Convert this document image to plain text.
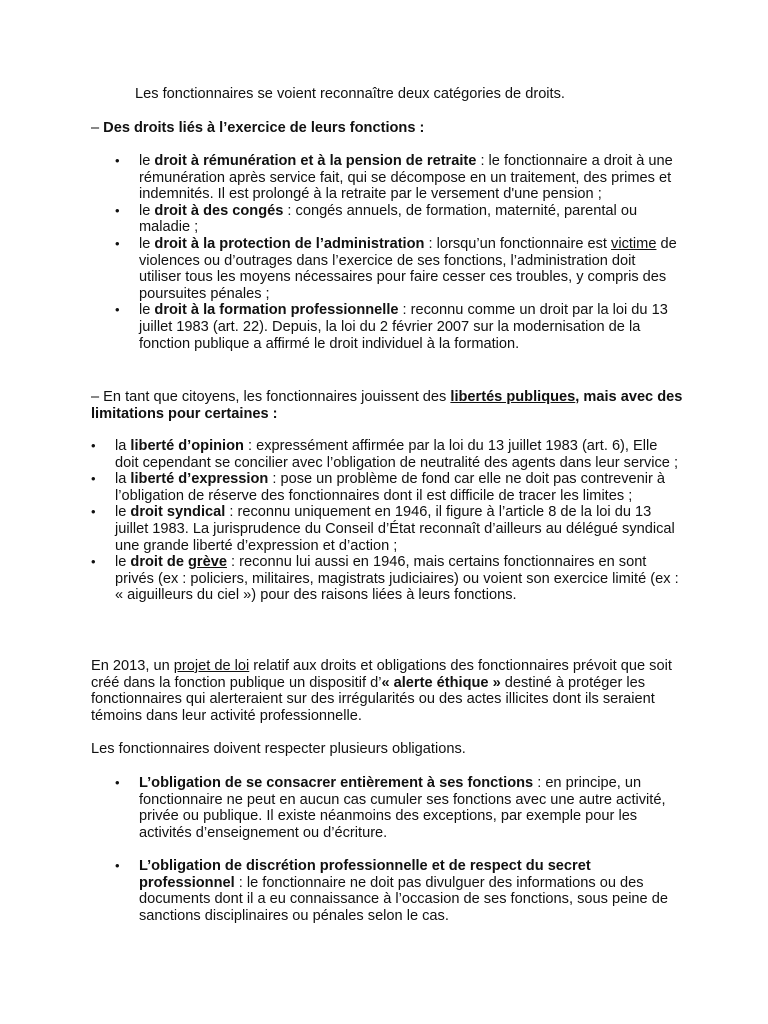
Les fonctionnaires se voient reconnaître deux catégories de droits.

– Des droits liés à l’exercice de leurs fonctions :

•	le droit à rémunération et à la pension de retraite : le fonctionnaire a droit à une rémunération après service fait, qui se décompose en un traitement, des primes et indemnités. Il est prolongé à la retraite par le versement d'une pension ;
•	le droit à des congés : congés annuels, de formation, maternité, parental ou maladie ;
•	le droit à la protection de l’administration : lorsqu’un fonctionnaire est victime de violences ou d’outrages dans l’exercice de ses fonctions, l’administration doit utiliser tous les moyens nécessaires pour faire cesser ces troubles, y compris des poursuites pénales ;
•	le droit à la formation professionnelle : reconnu comme un droit par la loi du 13 juillet 1983 (art. 22). Depuis, la loi du 2 février 2007 sur la modernisation de la fonction publique a affirmé le droit individuel à la formation.

– En tant que citoyens, les fonctionnaires jouissent des libertés publiques, mais avec des limitations pour certaines :

•	la liberté d’opinion : expressément affirmée par la loi du 13 juillet 1983 (art. 6), Elle doit cependant se concilier avec l’obligation de neutralité des agents dans leur service ;
•	la liberté d’expression : pose un problème de fond car elle ne doit pas contrevenir à l’obligation de réserve des fonctionnaires dont il est difficile de tracer les limites ;
•	le droit syndical : reconnu uniquement en 1946, il figure à l’article 8 de la loi du 13 juillet 1983. La jurisprudence du Conseil d’État reconnaît d’ailleurs au délégué syndical une grande liberté d’expression et d’action ;
•	le droit de grève : reconnu lui aussi en 1946, mais certains fonctionnaires en sont privés (ex : policiers, militaires, magistrats judiciaires) ou voient son exercice limité (ex : « aiguilleurs du ciel ») pour des raisons liées à leurs fonctions.

En 2013, un projet de loi relatif aux droits et obligations des fonctionnaires prévoit que soit créé dans la fonction publique un dispositif d’« alerte éthique » destiné à protéger les fonctionnaires qui alerteraient sur des irrégularités ou des actes illicites dont ils seraient témoins dans leur activité professionnelle.

Les fonctionnaires doivent respecter plusieurs obligations.

•	L’obligation de se consacrer entièrement à ses fonctions : en principe, un fonctionnaire ne peut en aucun cas cumuler ses fonctions avec une autre activité, privée ou publique. Il existe néanmoins des exceptions, par exemple pour les activités d’enseignement ou d’écriture.
•	L’obligation de discrétion professionnelle et de respect du secret professionnel : le fonctionnaire ne doit pas divulguer des informations ou des documents dont il a eu connaissance à l’occasion de ses fonctions, sous peine de sanctions disciplinaires ou pénales selon le cas.
